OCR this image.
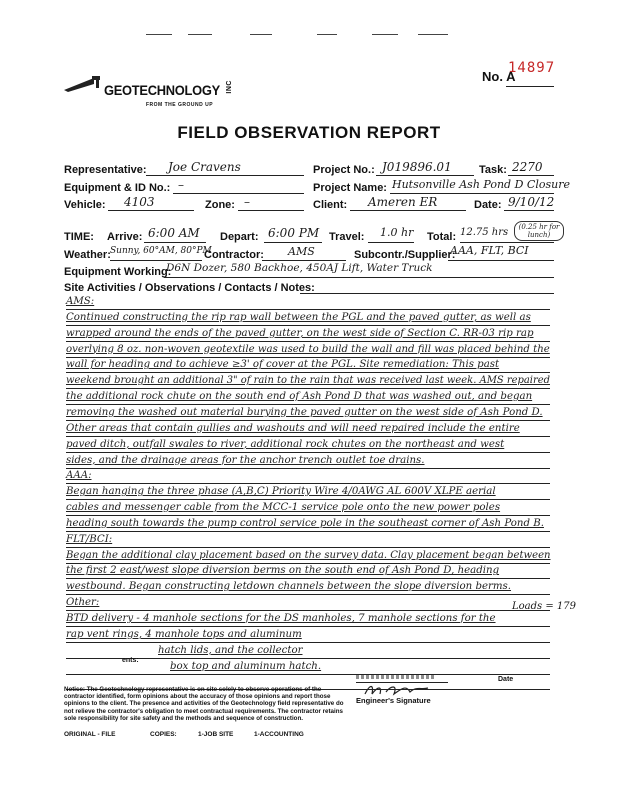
No. A
14897
GEOTECHNOLOGY INC
FROM THE GROUND UP
FIELD OBSERVATION REPORT
Representative: Joe Cravens	Project No.: J019896.01 Task: 2270
Equipment & ID No.: –	Project Name: Hutsonville Ash Pond D Closure
Vehicle: 4103	Zone: –	Client: Ameren ER	Date: 9/10/12
TIME: Arrive: 6:00 AM Depart: 6:00 PM Travel: 1.0 hr Total: 12.75 hrs	(0.25 hr for lunch)
Weather: Sunny, 60°AM, 80°PM
Contractor: AMS	Subcontr./Supplier:
AAA, FLT, BCI
Equipment Working:
D6N Dozer, 580 Backhoe, 450AJ Lift, Water Truck
Site Activities / Observations / Contacts / Notes:
AMS:
Continued constructing the rip rap wall between the PGL and the paved gutter, as well as
wrapped around the ends of the paved gutter, on the west side of Section C. RR-03 rip rap
overlying 8 oz. non-woven geotextile was used to build the wall and fill was placed behind the
wall for heading and to achieve ≥3' of cover at the PGL. Site remediation: This past
weekend brought an additional 3" of rain to the rain that was received last week. AMS repaired
the additional rock chute on the south end of Ash Pond D that was washed out, and began
removing the washed out material burying the paved gutter on the west side of Ash Pond D.
Other areas that contain gullies and washouts and will need repaired include the entire
paved ditch, outfall swales to river, additional rock chutes on the northeast and west
sides, and the drainage areas for the anchor trench outlet toe drains.
AAA:
Began hanging the three phase (A,B,C) Priority Wire 4/0AWG AL 600V XLPE aerial
cables and messenger cable from the MCC-1 service pole onto the new power poles
heading south towards the pump control service pole in the southeast corner of Ash Pond B.
FLT/BCI:
Began the additional clay placement based on the survey data. Clay placement began between
the first 2 east/west slope diversion berms on the south end of Ash Pond D, heading
westbound. Began constructing letdown channels between the slope diversion berms.
Other:
BTD delivery - 4 manhole sections for the DS manholes, 7 manhole sections for the
rap vent rings, 4 manhole tops and aluminum
hatch lids, and the collector
box top and aluminum hatch.
Loads = 179
ents:
Engineer's Signature
Date
Notice: The Geotechnology representative is on site solely to observe operations of the contractor identified, form opinions about the accuracy of those opinions and report those opinions to the client. The presence and activities of the Geotechnology field representative do not relieve the contractor's obligation to meet contractual requirements. The contractor retains sole responsibility for site safety and the methods and sequence of construction.
ORIGINAL - FILE	COPIES:	1-JOB SITE	1-ACCOUNTING
